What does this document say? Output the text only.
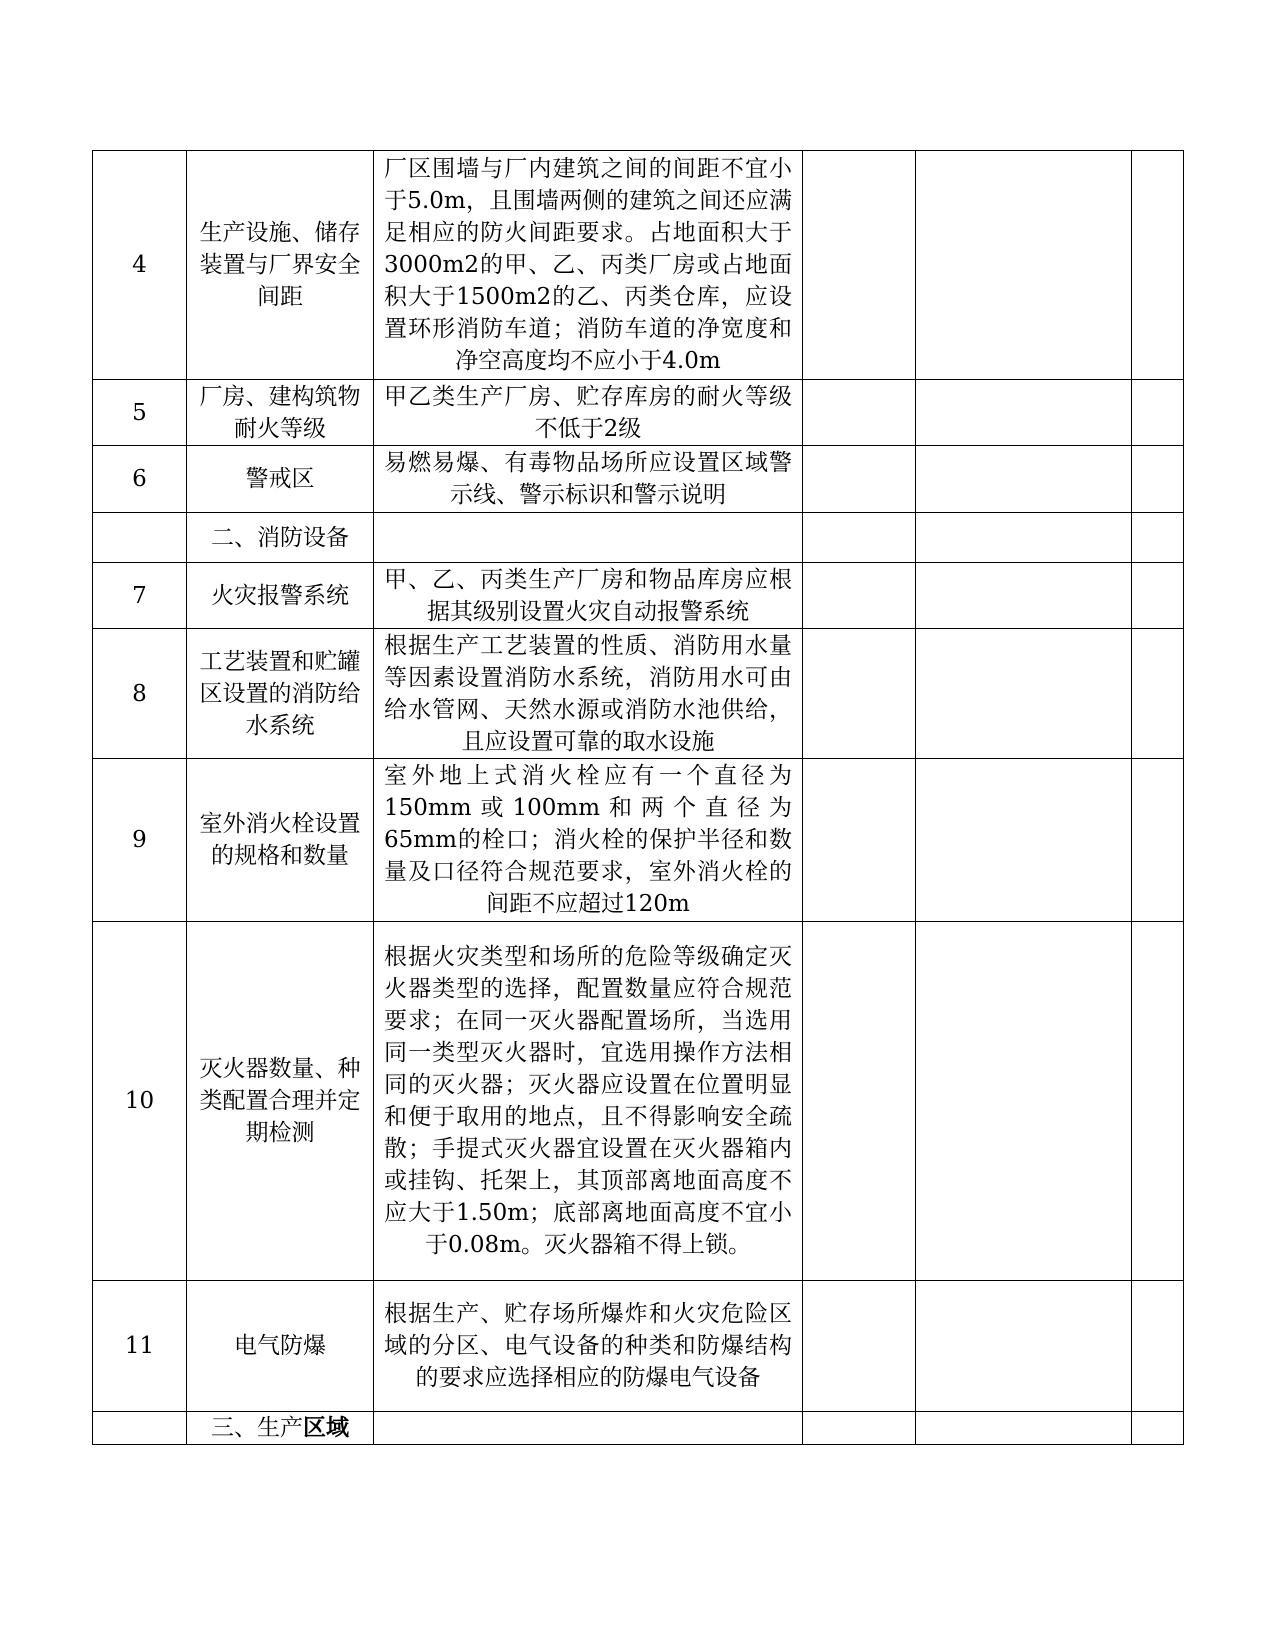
4	生产设施、储存装置与厂界安全间距	厂区围墙与厂内建筑之间的间距不宜小于5.0m，且围墙两侧的建筑之间还应满足相应的防火间距要求。占地面积大于3000m2的甲、乙、丙类厂房或占地面积大于1500m2的乙、丙类仓库，应设置环形消防车道；消防车道的净宽度和净空高度均不应小于4.0m			
5	厂房、建构筑物耐火等级	甲乙类生产厂房、贮存库房的耐火等级不低于2级			
6	警戒区	易燃易爆、有毒物品场所应设置区域警示线、警示标识和警示说明			
	二、消防设备				
7	火灾报警系统	甲、乙、丙类生产厂房和物品库房应根据其级别设置火灾自动报警系统			
8	工艺装置和贮罐区设置的消防给水系统	根据生产工艺装置的性质、消防用水量等因素设置消防水系统，消防用水可由给水管网、天然水源或消防水池供给，且应设置可靠的取水设施			
9	室外消火栓设置的规格和数量	室外地上式消火栓应有一个直径为150mm或100mm和两个直径为65mm的栓口；消火栓的保护半径和数量及口径符合规范要求，室外消火栓的间距不应超过120m			
10	灭火器数量、种类配置合理并定期检测	根据火灾类型和场所的危险等级确定灭火器类型的选择，配置数量应符合规范要求；在同一灭火器配置场所，当选用同一类型灭火器时，宜选用操作方法相同的灭火器；灭火器应设置在位置明显和便于取用的地点，且不得影响安全疏散；手提式灭火器宜设置在灭火器箱内或挂钩、托架上，其顶部离地面高度不应大于1.50m；底部离地面高度不宜小于0.08m。灭火器箱不得上锁。			
11	电气防爆	根据生产、贮存场所爆炸和火灾危险区域的分区、电气设备的种类和防爆结构的要求应选择相应的防爆电气设备			
	三、生产区域				
